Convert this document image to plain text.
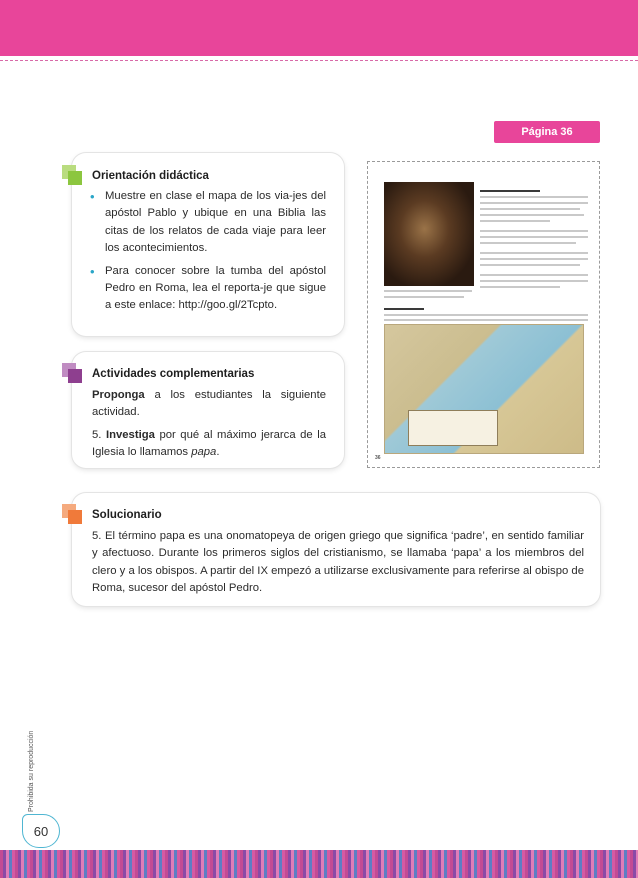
Página 36
Orientación didáctica
• Muestre en clase el mapa de los via-jes del apóstol Pablo y ubique en una Biblia las citas de los relatos de cada viaje para leer los acontecimientos.
• Para conocer sobre la tumba del apóstol Pedro en Roma, lea el reporta-je que sigue a este enlace: http://goo.gl/2Tcpto.
Actividades complementarias

Proponga a los estudiantes la siguiente actividad.

5. Investiga por qué al máximo jerarca de la Iglesia lo llamamos papa.

Solucionario

5. El término papa es una onomatopeya de origen griego que significa ‘padre’, en sentido familiar y afectuoso. Durante los primeros siglos del cristianismo, se llamaba ‘papa’ a los miembros del clero y a los obispos. A partir del IX empezó a utilizarse exclusivamente para referirse al obispo de Roma, sucesor del apóstol Pedro.

36
Prohibida su reproducción
60
